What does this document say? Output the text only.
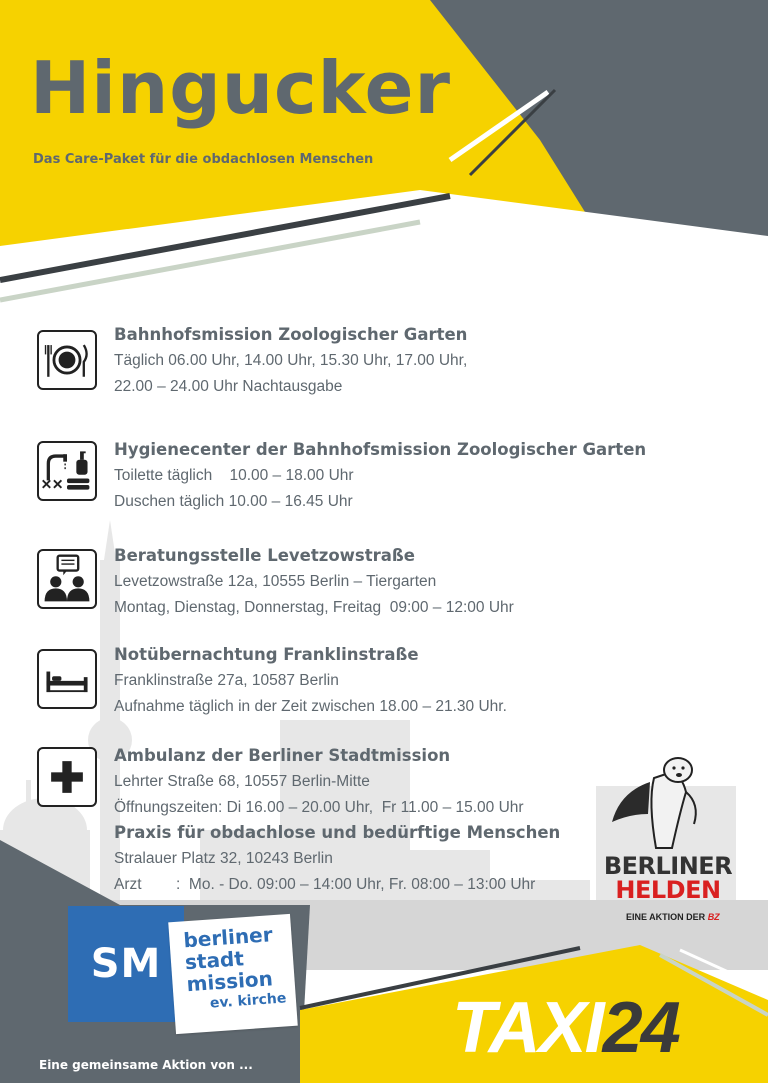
Hingucker
Das Care-Paket für die obdachlosen Menschen
Bahnhofsmission Zoologischer Garten
Täglich 06.00 Uhr, 14.00 Uhr, 15.30 Uhr, 17.00 Uhr,
22.00 – 24.00 Uhr Nachtausgabe
Hygienecenter der Bahnhofsmission Zoologischer Garten
Toilette täglich    10.00 – 18.00 Uhr
Duschen täglich 10.00 – 16.45 Uhr
Beratungsstelle Levetzowstraße
Levetzowstraße 12a, 10555 Berlin – Tiergarten
Montag, Dienstag, Donnerstag, Freitag  09:00 – 12:00 Uhr
Notübernachtung Franklinstraße
Franklinstraße 27a, 10587 Berlin
Aufnahme täglich in der Zeit zwischen 18.00 – 21.30 Uhr.
Ambulanz der Berliner Stadtmission
Lehrter Straße 68, 10557 Berlin-Mitte
Öffnungszeiten: Di 16.00 – 20.00 Uhr,  Fr 11.00 – 15.00 Uhr
Praxis für obdachlose und bedürftige Menschen
Stralauer Platz 32, 10243 Berlin
Arzt        :  Mo. - Do. 09:00 – 14:00 Uhr, Fr. 08:00 – 13:00 Uhr
BERLINER
HELDEN
EINE AKTION DER BZ
SM
berliner
stadt
mission
ev. kirche
Eine gemeinsame Aktion von ...	TAXI24
